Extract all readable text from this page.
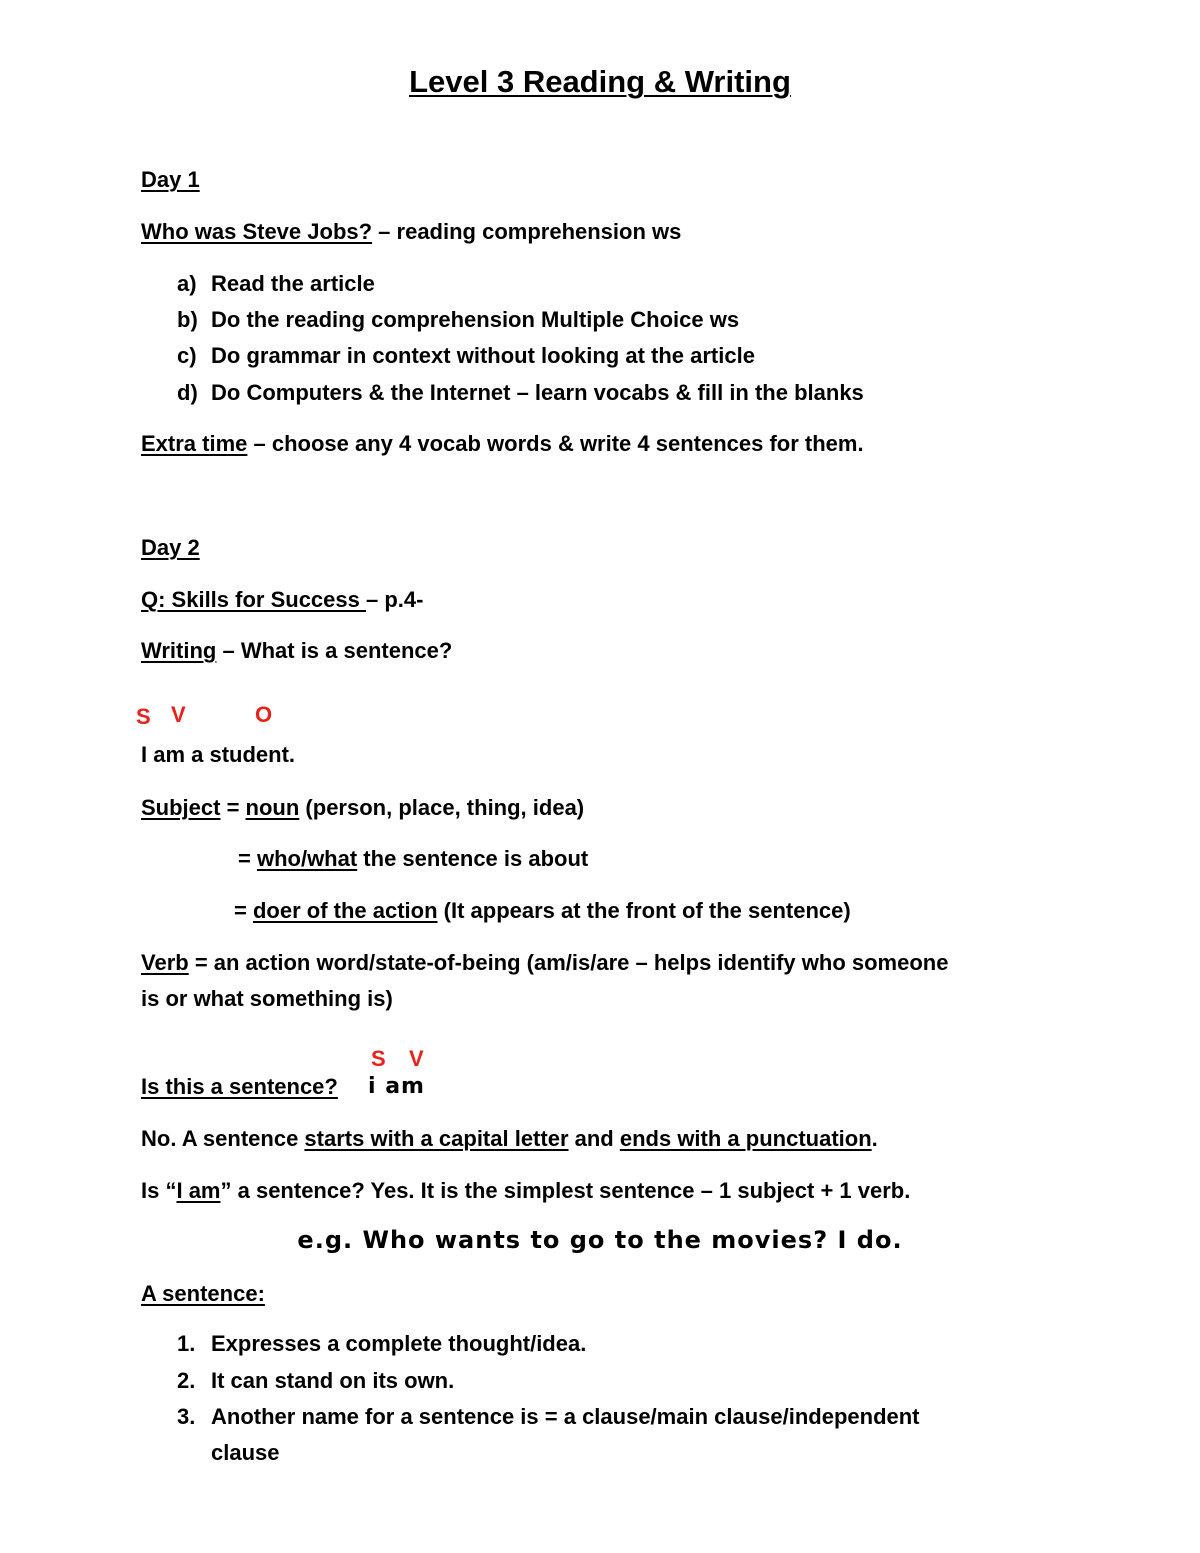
Level 3 Reading & Writing
Day 1
Who was Steve Jobs? – reading comprehension ws
a) Read the article
b) Do the reading comprehension Multiple Choice ws
c) Do grammar in context without looking at the article
d) Do Computers & the Internet – learn vocabs & fill in the blanks
Extra time – choose any 4 vocab words & write 4 sentences for them.
Day 2
Q: Skills for Success – p.4-
Writing – What is a sentence?
S V	O
I am a student.
Subject = noun (person, place, thing, idea)
= who/what the sentence is about
= doer of the action (It appears at the front of the sentence)
Verb = an action word/state-of-being (am/is/are – helps identify who someone
is or what something is)
S V
Is this a sentence? i am
No. A sentence starts with a capital letter and ends with a punctuation.
Is “I am” a sentence? Yes. It is the simplest sentence – 1 subject + 1 verb.
e.g. Who wants to go to the movies? I do.
A sentence:
1. Expresses a complete thought/idea.
2. It can stand on its own.
3. Another name for a sentence is = a clause/main clause/independent
clause
